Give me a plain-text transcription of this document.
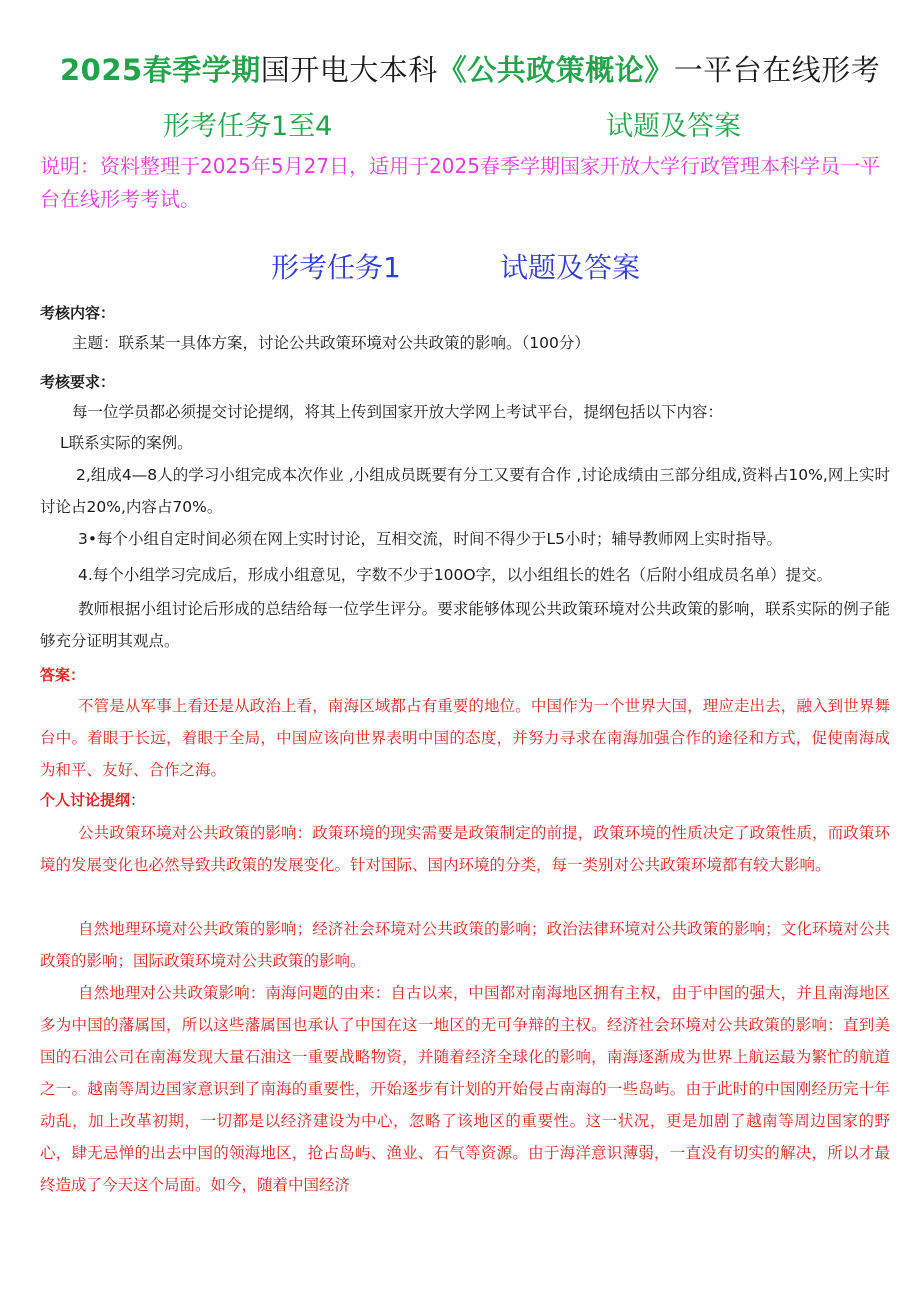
2025春季学期国开电大本科《公共政策概论》一平台在线形考
形考任务1至4	试题及答案
说明：资料整理于2025年5月27日，适用于2025春季学期国家开放大学行政管理本科学员一平台在线形考考试。
形考任务1	试题及答案
考核内容：
主题：联系某一具体方案，讨论公共政策环境对公共政策的影响。（100分）
考核要求：
每一位学员都必须提交讨论提纲，将其上传到国家开放大学网上考试平台，提纲包括以下内容：
L联系实际的案例。
2,组成4—8人的学习小组完成本次作业 ,小组成员既要有分工又要有合作 ,讨论成绩由三部分组成,资料占10%,网上实时讨论占20%,内容占70%。
3•每个小组自定时间必须在网上实时讨论，互相交流，时间不得少于L5小时；辅导教师网上实时指导。
4.每个小组学习完成后，形成小组意见，字数不少于100O字，以小组组长的姓名（后附小组成员名单）提交。
教师根据小组讨论后形成的总结给每一位学生评分。要求能够体现公共政策环境对公共政策的影响，联系实际的例子能够充分证明其观点。
答案：
不管是从军事上看还是从政治上看，南海区域都占有重要的地位。中国作为一个世界大国，理应走出去，融入到世界舞台中。着眼于长远，着眼于全局，中国应该向世界表明中国的态度，并努力寻求在南海加强合作的途径和方式，促使南海成为和平、友好、合作之海。
个人讨论提纲：
公共政策环境对公共政策的影响：政策环境的现实需要是政策制定的前提，政策环境的性质决定了政策性质，而政策环境的发展变化也必然导致共政策的发展变化。针对国际、国内环境的分类，每一类别对公共政策环境都有较大影响。
自然地理环境对公共政策的影响；经济社会环境对公共政策的影响；政治法律环境对公共政策的影响；文化环境对公共政策的影响；国际政策环境对公共政策的影响。
自然地理对公共政策影响：南海问题的由来：自古以来，中国都对南海地区拥有主权，由于中国的强大，并且南海地区多为中国的藩属国，所以这些藩属国也承认了中国在这一地区的无可争辩的主权。经济社会环境对公共政策的影响：直到美国的石油公司在南海发现大量石油这一重要战略物资，并随着经济全球化的影响，南海逐渐成为世界上航运最为繁忙的航道之一。越南等周边国家意识到了南海的重要性，开始逐步有计划的开始侵占南海的一些岛屿。由于此时的中国刚经历完十年动乱，加上改革初期，一切都是以经济建设为中心，忽略了该地区的重要性。这一状况，更是加剧了越南等周边国家的野心，肆无忌惮的出去中国的领海地区，抢占岛屿、渔业、石气等资源。由于海洋意识薄弱，一直没有切实的解决，所以才最终造成了今天这个局面。如今，随着中国经济
